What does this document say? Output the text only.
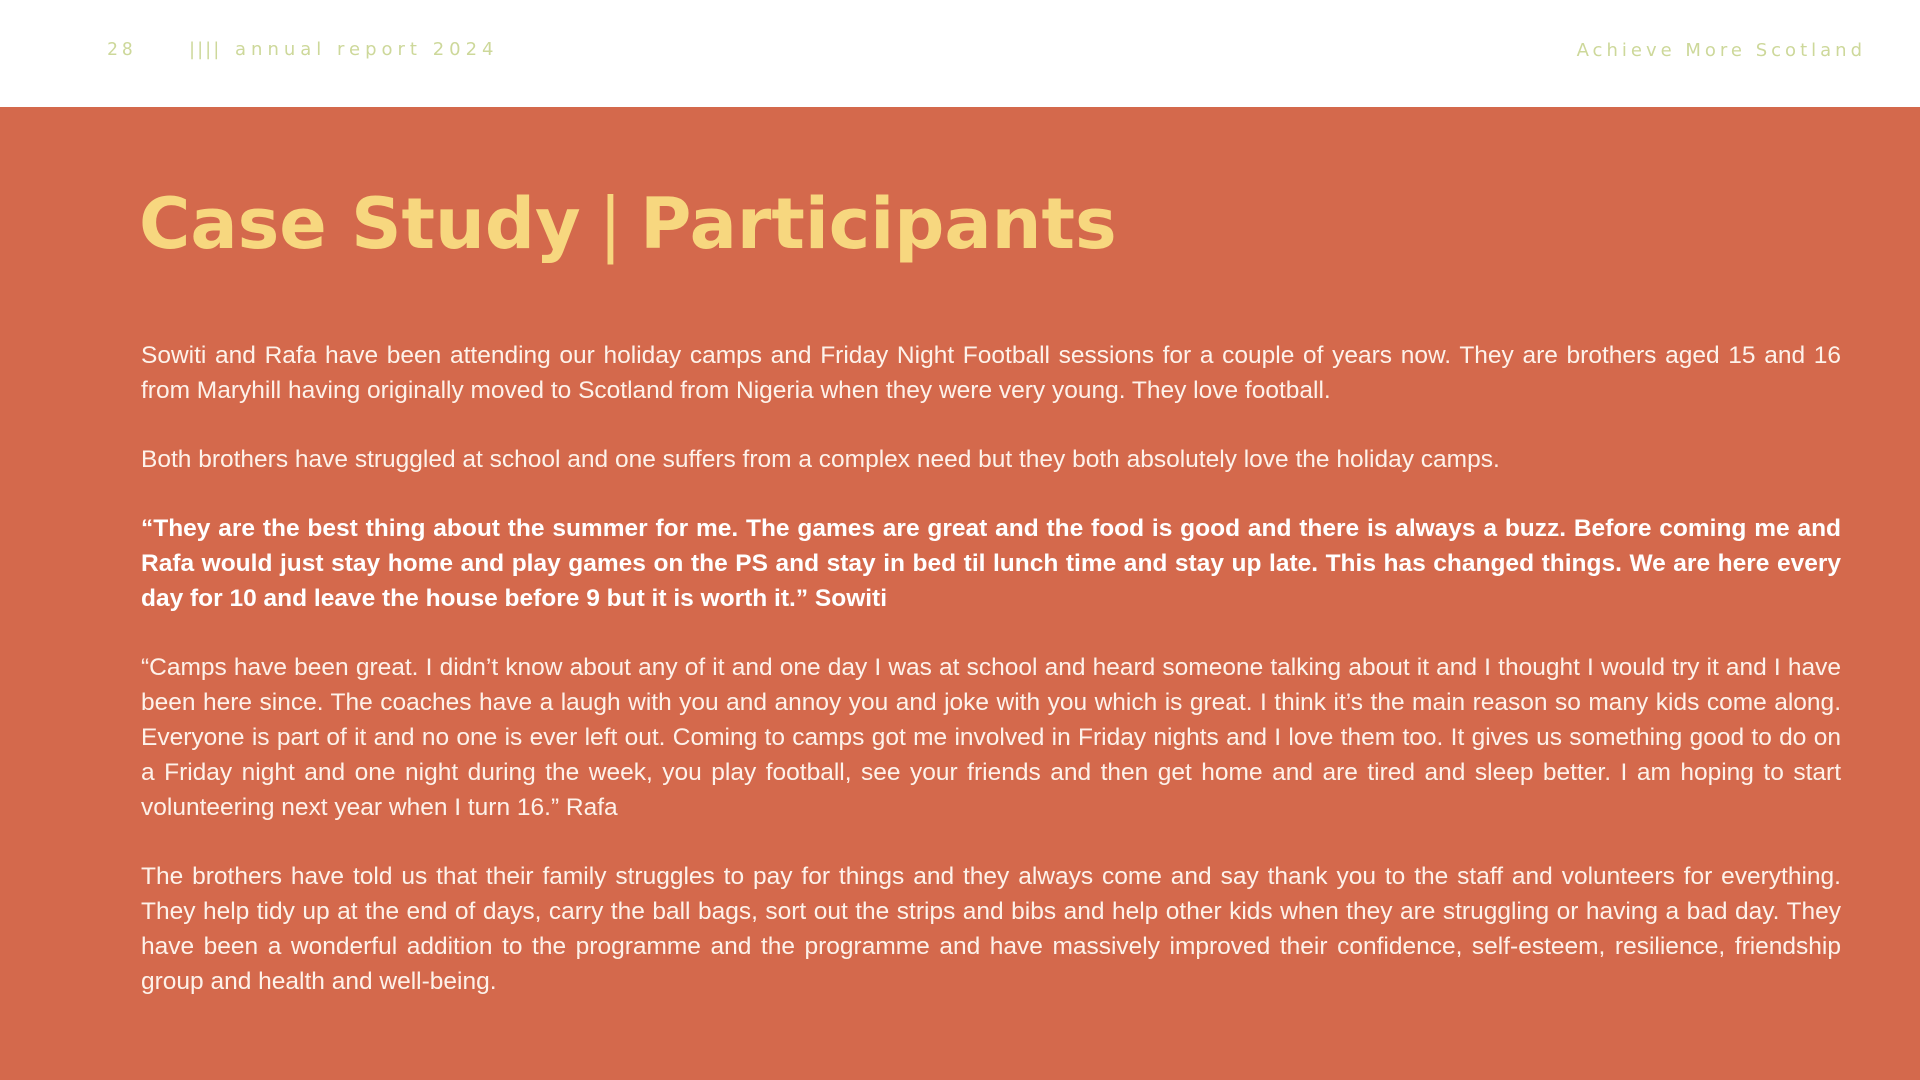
28	|||| annual report 2024	Achieve More Scotland
Case Study | Participants

Sowiti and Rafa have been attending our holiday camps and Friday Night Football sessions for a couple of years now. They are brothers aged 15 and 16 from Maryhill having originally moved to Scotland from Nigeria when they were very young. They love football.

Both brothers have struggled at school and one suffers from a complex need but they both absolutely love the holiday camps.

“They are the best thing about the summer for me. The games are great and the food is good and there is always a buzz. Before coming me and Rafa would just stay home and play games on the PS and stay in bed til lunch time and stay up late. This has changed things. We are here every day for 10 and leave the house before 9 but it is worth it.” Sowiti

“Camps have been great. I didn’t know about any of it and one day I was at school and heard someone talking about it and I thought I would try it and I have been here since. The coaches have a laugh with you and annoy you and joke with you which is great. I think it’s the main reason so many kids come along. Everyone is part of it and no one is ever left out. Coming to camps got me involved in Friday nights and I love them too. It gives us something good to do on a Friday night and one night during the week, you play football, see your friends and then get home and are tired and sleep better. I am hoping to start volunteering next year when I turn 16.” Rafa

The brothers have told us that their family struggles to pay for things and they always come and say thank you to the staff and volunteers for everything. They help tidy up at the end of days, carry the ball bags, sort out the strips and bibs and help other kids when they are struggling or having a bad day. They have been a wonderful addition to the programme and the programme and have massively improved their confidence, self-esteem, resilience, friendship group and health and well-being.
